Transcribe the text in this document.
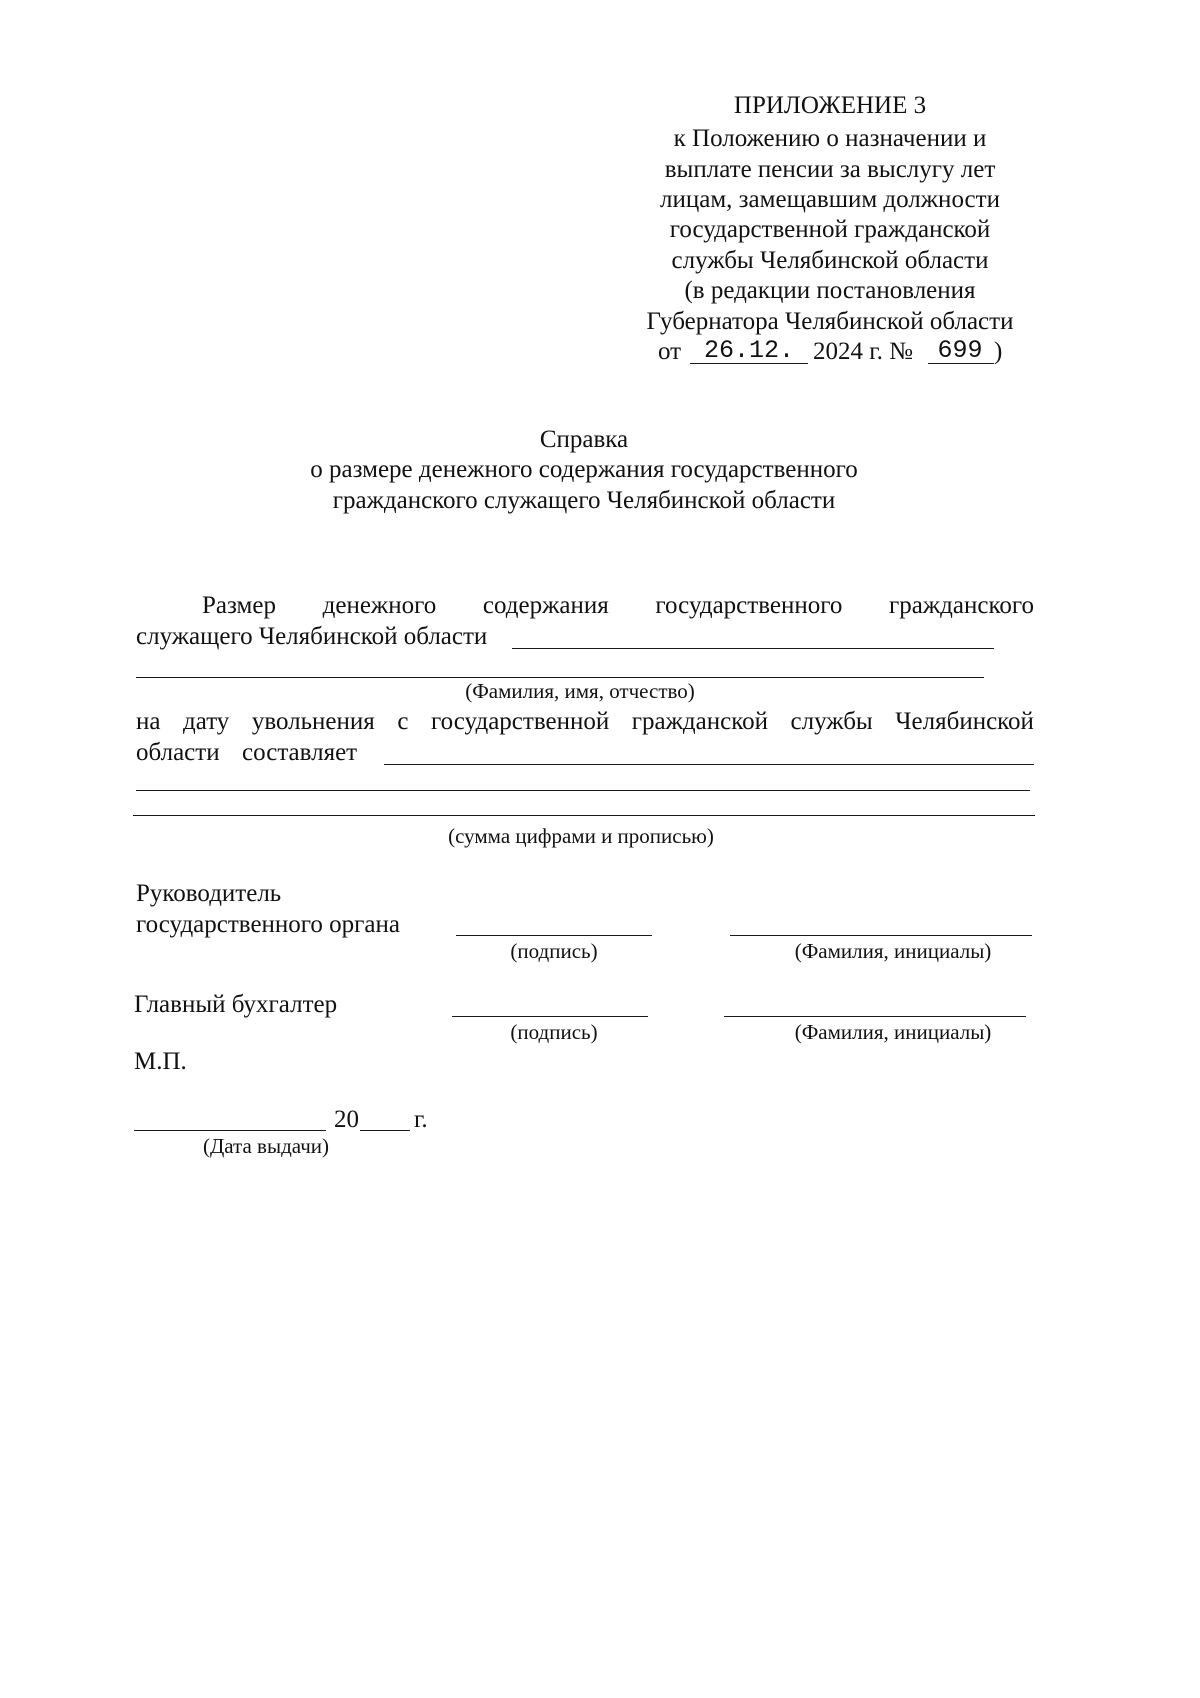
ПРИЛОЖЕНИЕ 3
к Положению о назначении и
выплате пенсии за выслугу лет
лицам, замещавшим должности
государственной гражданской
службы Челябинской области
(в редакции постановления
Губернатора Челябинской области
от 26.12. 2024 г. № 699 )
Справка
о размере денежного содержания государственного
гражданского служащего Челябинской области
Размер денежного содержания государственного гражданского
служащего Челябинской области
(Фамилия, имя, отчество)
на дату увольнения с государственной гражданской службы Челябинской
области составляет
(сумма цифрами и прописью)
Руководитель
государственного органа
(подпись)	(Фамилия, инициалы)
Главный бухгалтер
(подпись)	(Фамилия, инициалы)
М.П.
20 г.
(Дата выдачи)
